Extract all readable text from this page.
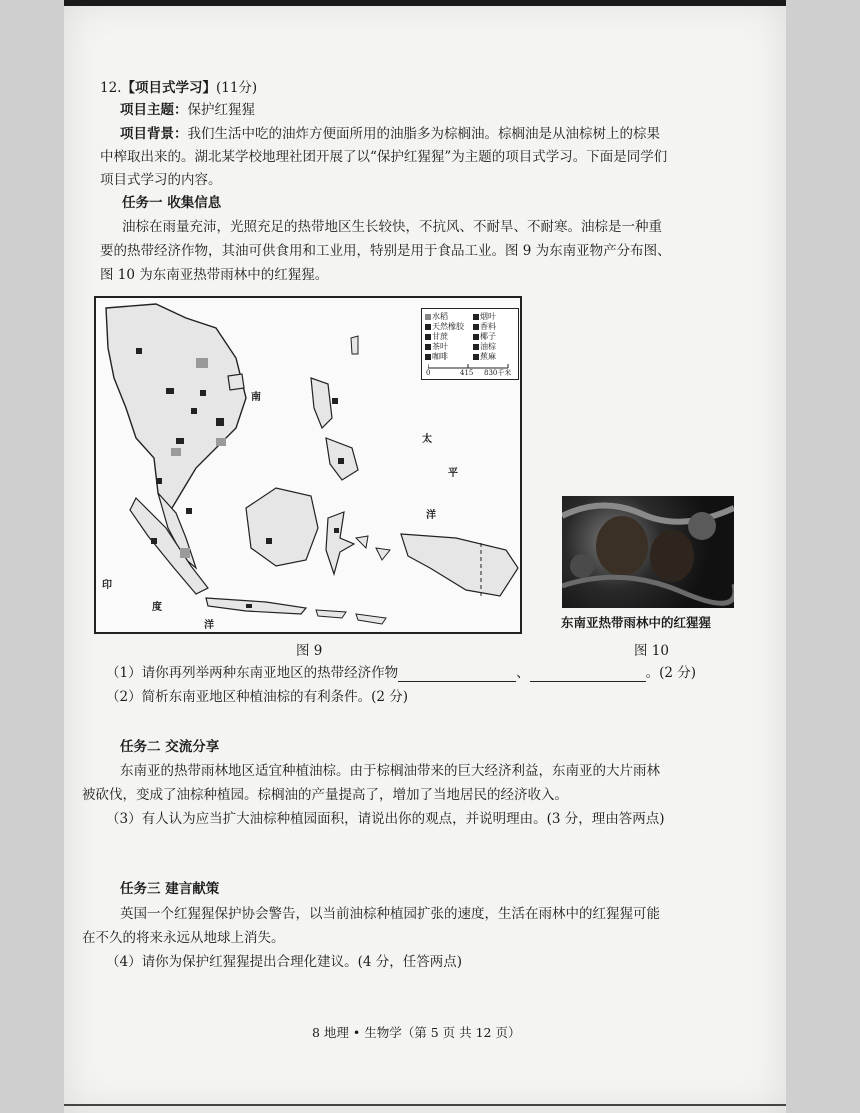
12.【项目式学习】(11分)
项目主题：保护红猩猩
项目背景：我们生活中吃的油炸方便面所用的油脂多为棕榈油。棕榈油是从油棕树上的棕果
中榨取出来的。湖北某学校地理社团开展了以“保护红猩猩”为主题的项目式学习。下面是同学们
项目式学习的内容。
任务一 收集信息
油棕在雨量充沛，光照充足的热带地区生长较快，不抗风、不耐旱、不耐寒。油棕是一种重
要的热带经济作物，其油可供食用和工业用，特别是用于食品工业。图 9 为东南亚物产分布图、
图 10 为东南亚热带雨林中的红猩猩。
南
太
平
洋
印
度
洋
水稻	烟叶
天然橡胶	香料
甘蔗	椰子
茶叶	油棕
咖啡	蕉麻
0	415 830千米
东南亚热带雨林中的红猩猩
图 9	图 10
（1）请你再列举两种东南亚地区的热带经济作物	、	。(2 分)
（2）简析东南亚地区种植油棕的有利条件。(2 分)
任务二 交流分享
东南亚的热带雨林地区适宜种植油棕。由于棕榈油带来的巨大经济利益，东南亚的大片雨林
被砍伐，变成了油棕种植园。棕榈油的产量提高了，增加了当地居民的经济收入。
（3）有人认为应当扩大油棕种植园面积，请说出你的观点，并说明理由。(3 分，理由答两点)
任务三 建言献策
英国一个红猩猩保护协会警告，以当前油棕种植园扩张的速度，生活在雨林中的红猩猩可能
在不久的将来永远从地球上消失。
（4）请你为保护红猩猩提出合理化建议。(4 分，任答两点)
8 地理 • 生物学（第 5 页 共 12 页）
